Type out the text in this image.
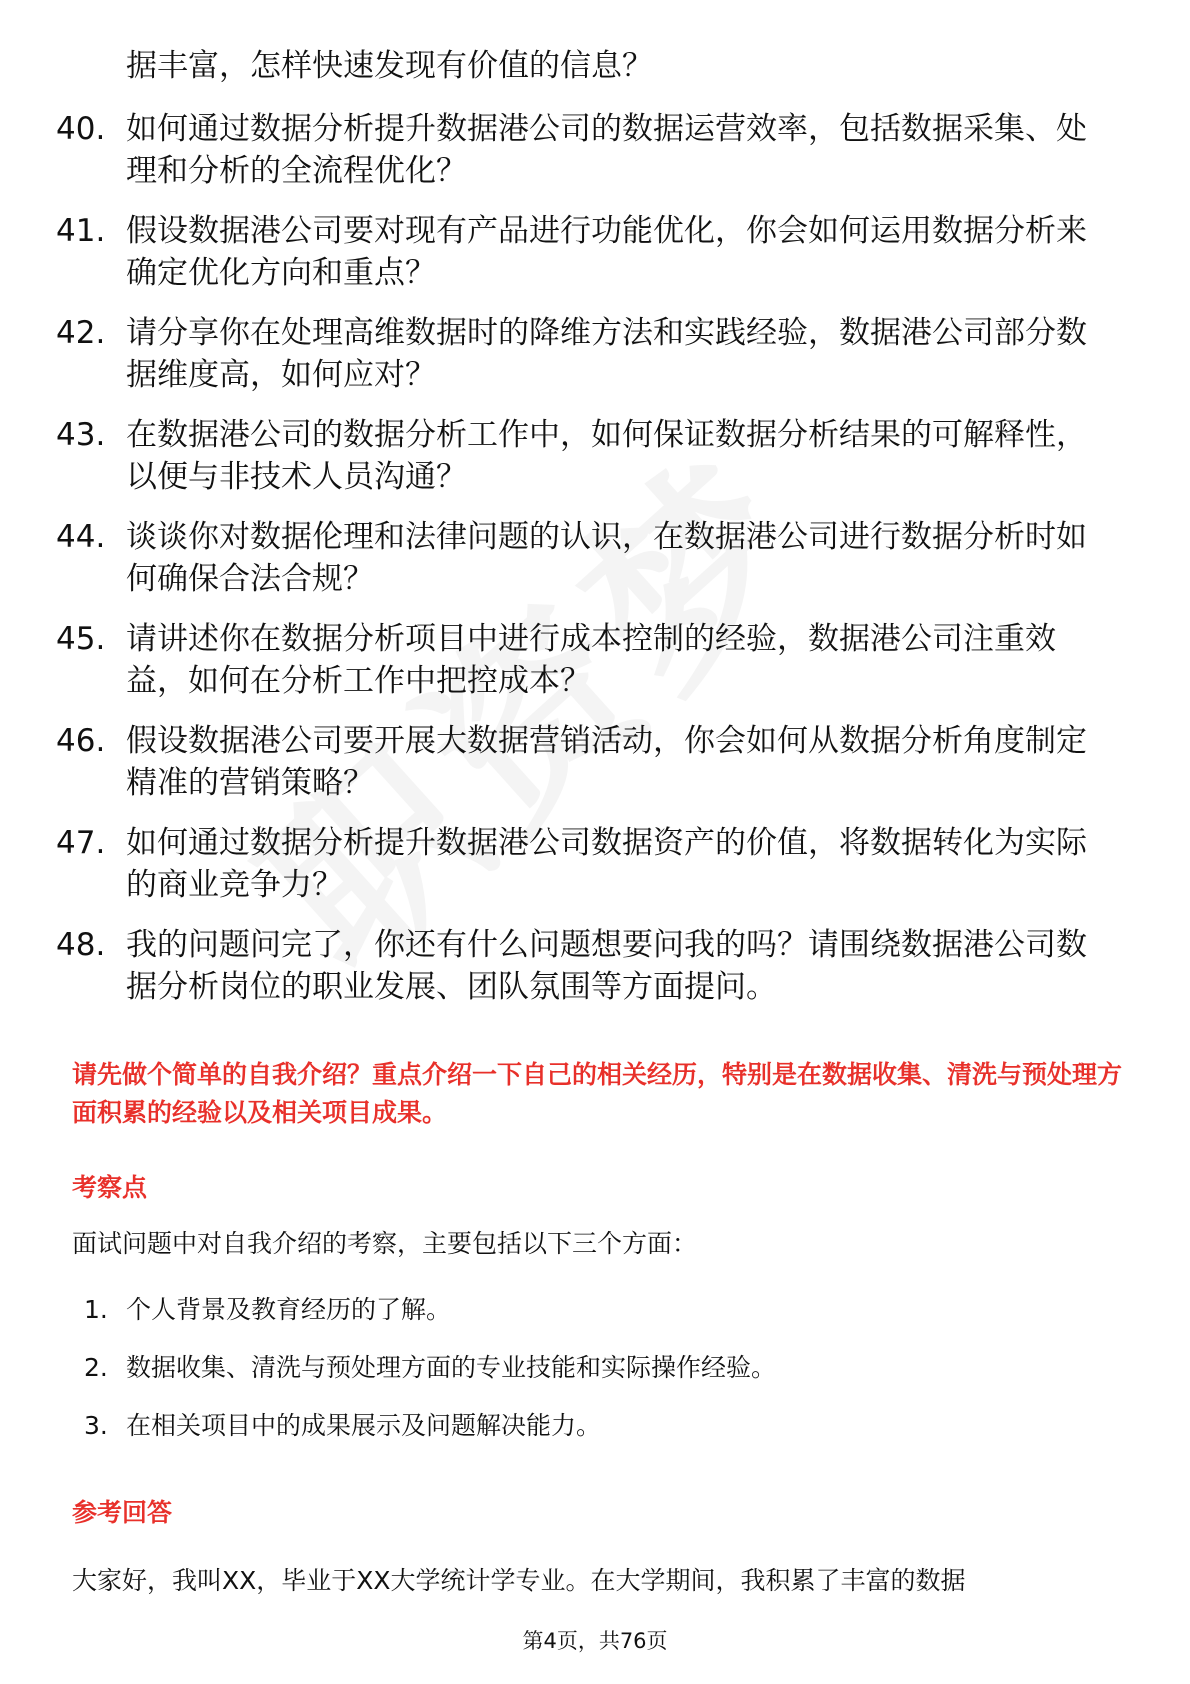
据丰富，怎样快速发现有价值的信息？
40. 如何通过数据分析提升数据港公司的数据运营效率，包括数据采集、处理和分析的全流程优化？
41. 假设数据港公司要对现有产品进行功能优化，你会如何运用数据分析来确定优化方向和重点？
42. 请分享你在处理高维数据时的降维方法和实践经验，数据港公司部分数据维度高，如何应对？
43. 在数据港公司的数据分析工作中，如何保证数据分析结果的可解释性，以便与非技术人员沟通？
44. 谈谈你对数据伦理和法律问题的认识，在数据港公司进行数据分析时如何确保合法合规？
45. 请讲述你在数据分析项目中进行成本控制的经验，数据港公司注重效益，如何在分析工作中把控成本？
46. 假设数据港公司要开展大数据营销活动，你会如何从数据分析角度制定精准的营销策略？
47. 如何通过数据分析提升数据港公司数据资产的价值，将数据转化为实际的商业竞争力？
48. 我的问题问完了，你还有什么问题想要问我的吗？请围绕数据港公司数据分析岗位的职业发展、团队氛围等方面提问。
请先做个简单的自我介绍？重点介绍一下自己的相关经历，特别是在数据收集、清洗与预处理方面积累的经验以及相关项目成果。
考察点
面试问题中对自我介绍的考察，主要包括以下三个方面：
1. 个人背景及教育经历的了解。
2. 数据收集、清洗与预处理方面的专业技能和实际操作经验。
3. 在相关项目中的成果展示及问题解决能力。
参考回答
大家好，我叫XX，毕业于XX大学统计学专业。在大学期间，我积累了丰富的数据
第4页，共76页
